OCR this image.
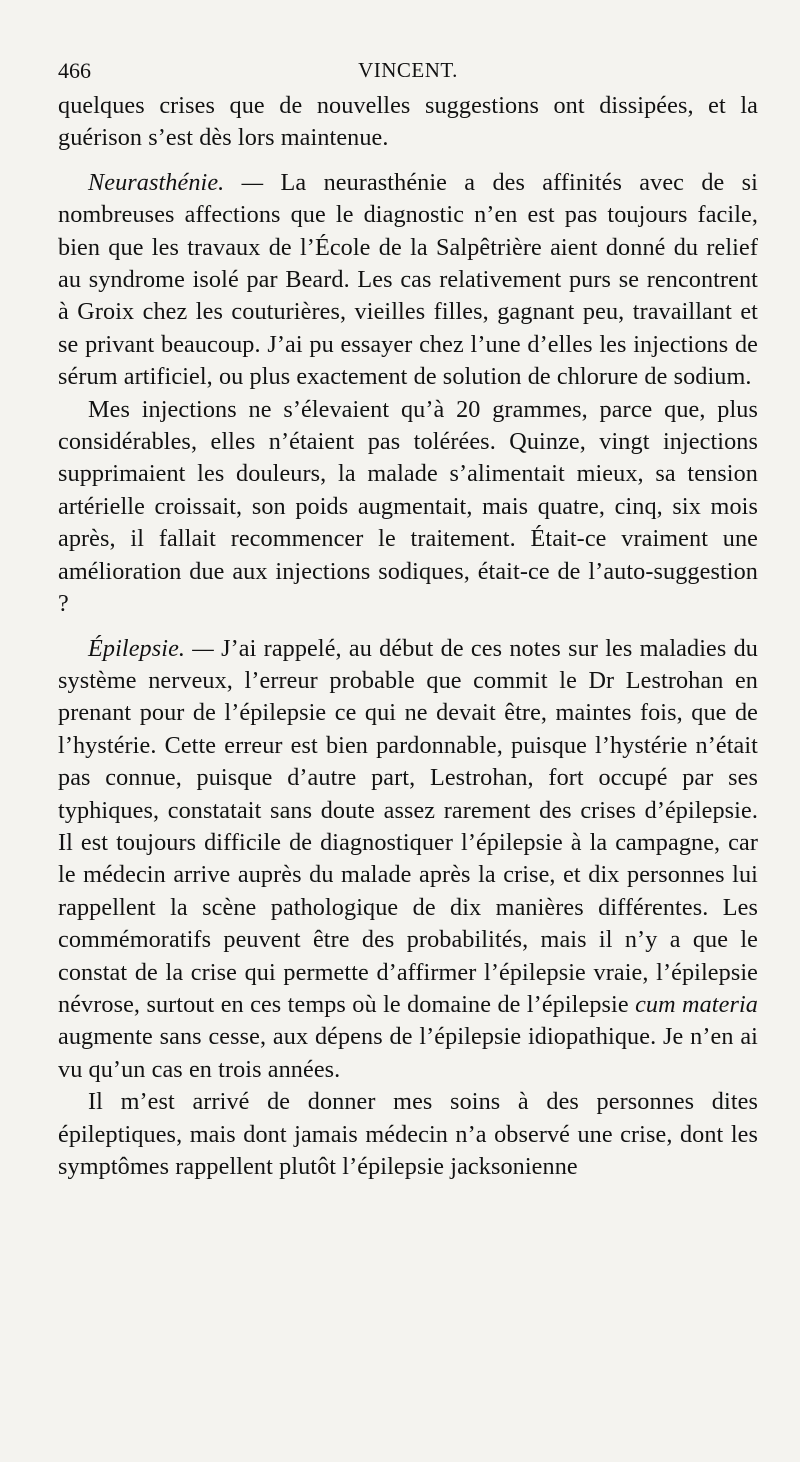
466	VINCENT.

quelques crises que de nouvelles suggestions ont dissipées, et la guérison s’est dès lors maintenue.

Neurasthénie. — La neurasthénie a des affinités avec de si nombreuses affections que le diagnostic n’en est pas toujours facile, bien que les travaux de l’École de la Salpêtrière aient donné du relief au syndrome isolé par Beard. Les cas relativement purs se rencontrent à Groix chez les couturières, vieilles filles, gagnant peu, travaillant et se privant beaucoup. J’ai pu essayer chez l’une d’elles les injections de sérum artificiel, ou plus exactement de solution de chlorure de sodium.

Mes injections ne s’élevaient qu’à 20 grammes, parce que, plus considérables, elles n’étaient pas tolérées. Quinze, vingt injections supprimaient les douleurs, la malade s’alimentait mieux, sa tension artérielle croissait, son poids augmentait, mais quatre, cinq, six mois après, il fallait recommencer le traitement. Était-ce vraiment une amélioration due aux injections sodiques, était-ce de l’auto-suggestion ?

Épilepsie. — J’ai rappelé, au début de ces notes sur les maladies du système nerveux, l’erreur probable que commit le Dr Lestrohan en prenant pour de l’épilepsie ce qui ne devait être, maintes fois, que de l’hystérie. Cette erreur est bien pardonnable, puisque l’hystérie n’était pas connue, puisque d’autre part, Lestrohan, fort occupé par ses typhiques, constatait sans doute assez rarement des crises d’épilepsie. Il est toujours difficile de diagnostiquer l’épilepsie à la campagne, car le médecin arrive auprès du malade après la crise, et dix personnes lui rappellent la scène pathologique de dix manières différentes. Les commémoratifs peuvent être des probabilités, mais il n’y a que le constat de la crise qui permette d’affirmer l’épilepsie vraie, l’épilepsie névrose, surtout en ces temps où le domaine de l’épilepsie cum materia augmente sans cesse, aux dépens de l’épilepsie idiopathique. Je n’en ai vu qu’un cas en trois années.

Il m’est arrivé de donner mes soins à des personnes dites épileptiques, mais dont jamais médecin n’a observé une crise, dont les symptômes rappellent plutôt l’épilepsie jacksonienne
